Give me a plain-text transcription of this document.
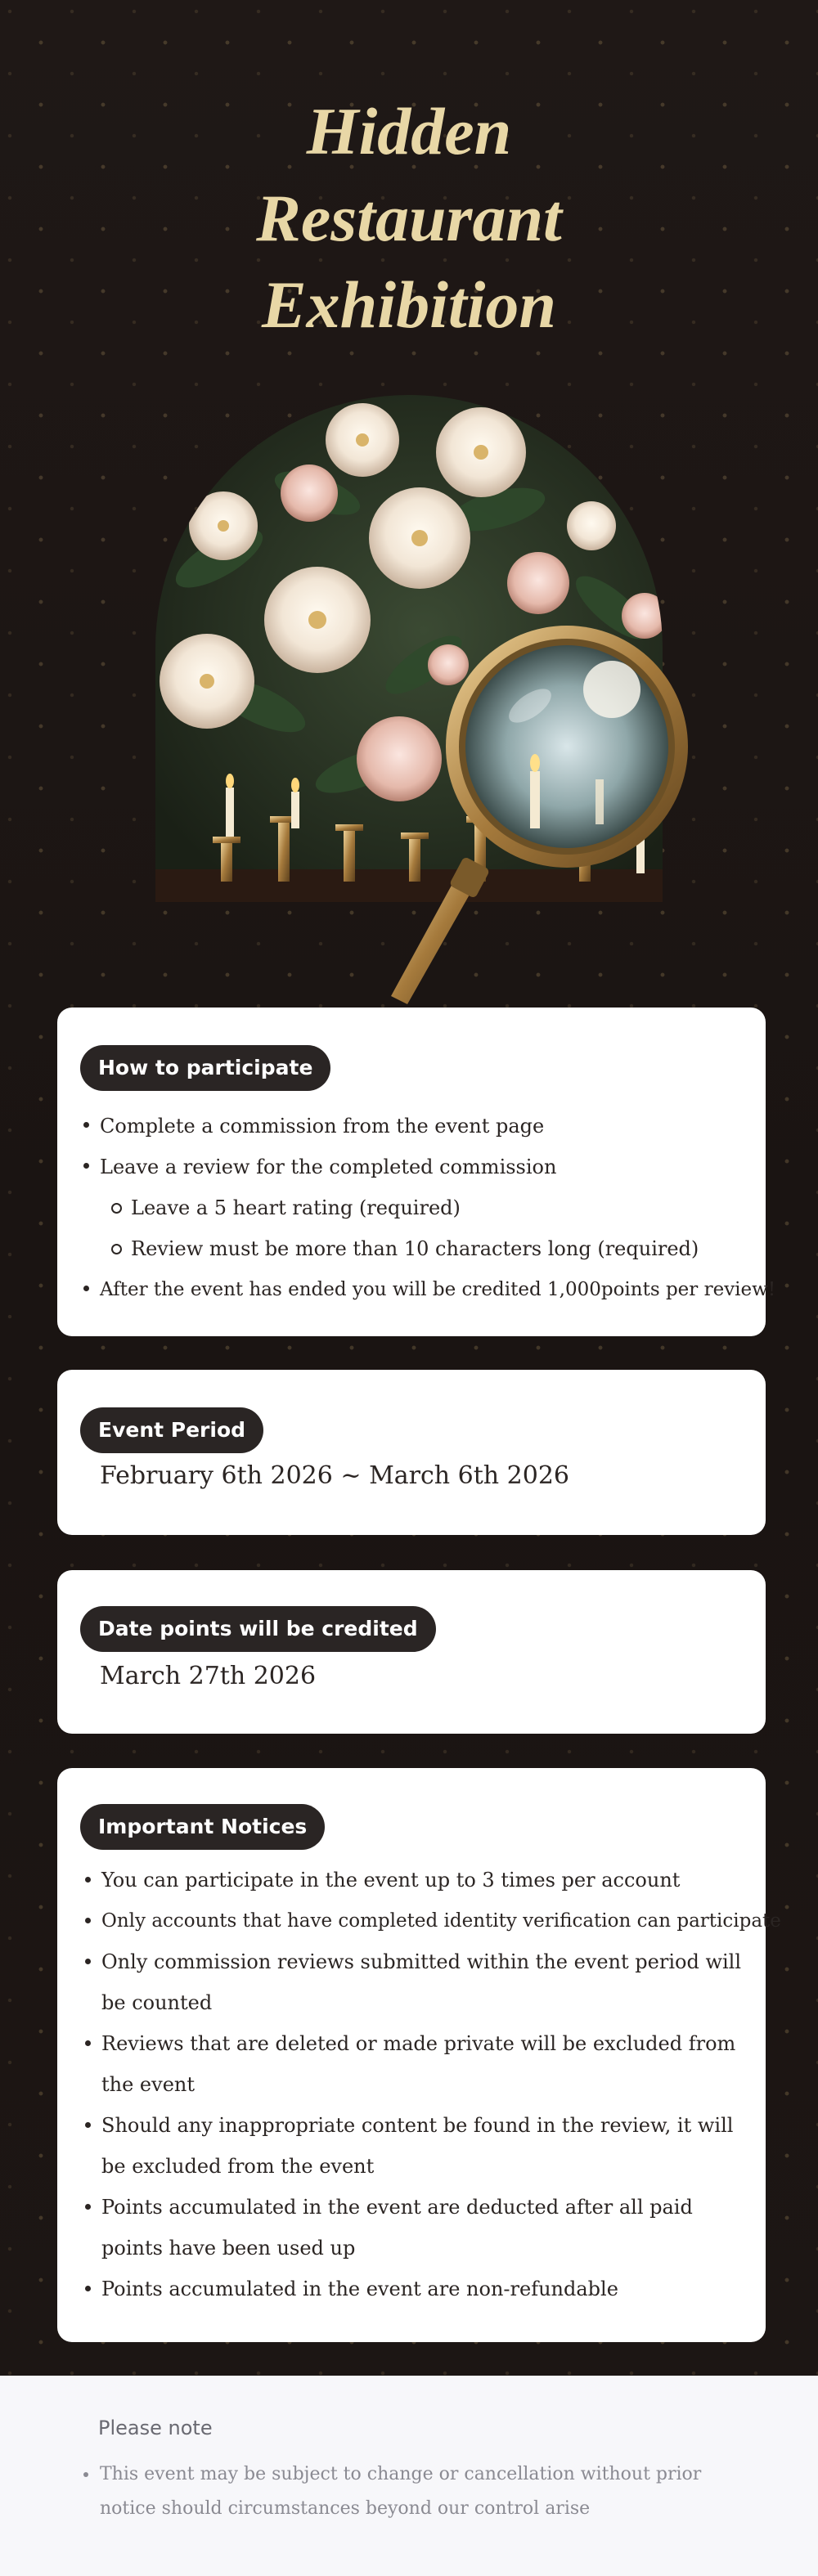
Hidden
Restaurant
Exhibition
How to participate
Complete a commission from the event page
Leave a review for the completed commission
Leave a 5 heart rating (required)
Review must be more than 10 characters long (required)
After the event has ended you will be credited 1,000points per review!
Event Period
February 6th 2026 ~ March 6th 2026
Date points will be credited
March 27th 2026
Important Notices
You can participate in the event up to 3 times per account
Only accounts that have completed identity verification can participate
Only commission reviews submitted within the event period will be counted
Reviews that are deleted or made private will be excluded from the event
Should any inappropriate content be found in the review, it will be excluded from the event
Points accumulated in the event are deducted after all paid points have been used up
Points accumulated in the event are non-refundable
Please note
This event may be subject to change or cancellation without prior notice should circumstances beyond our control arise
